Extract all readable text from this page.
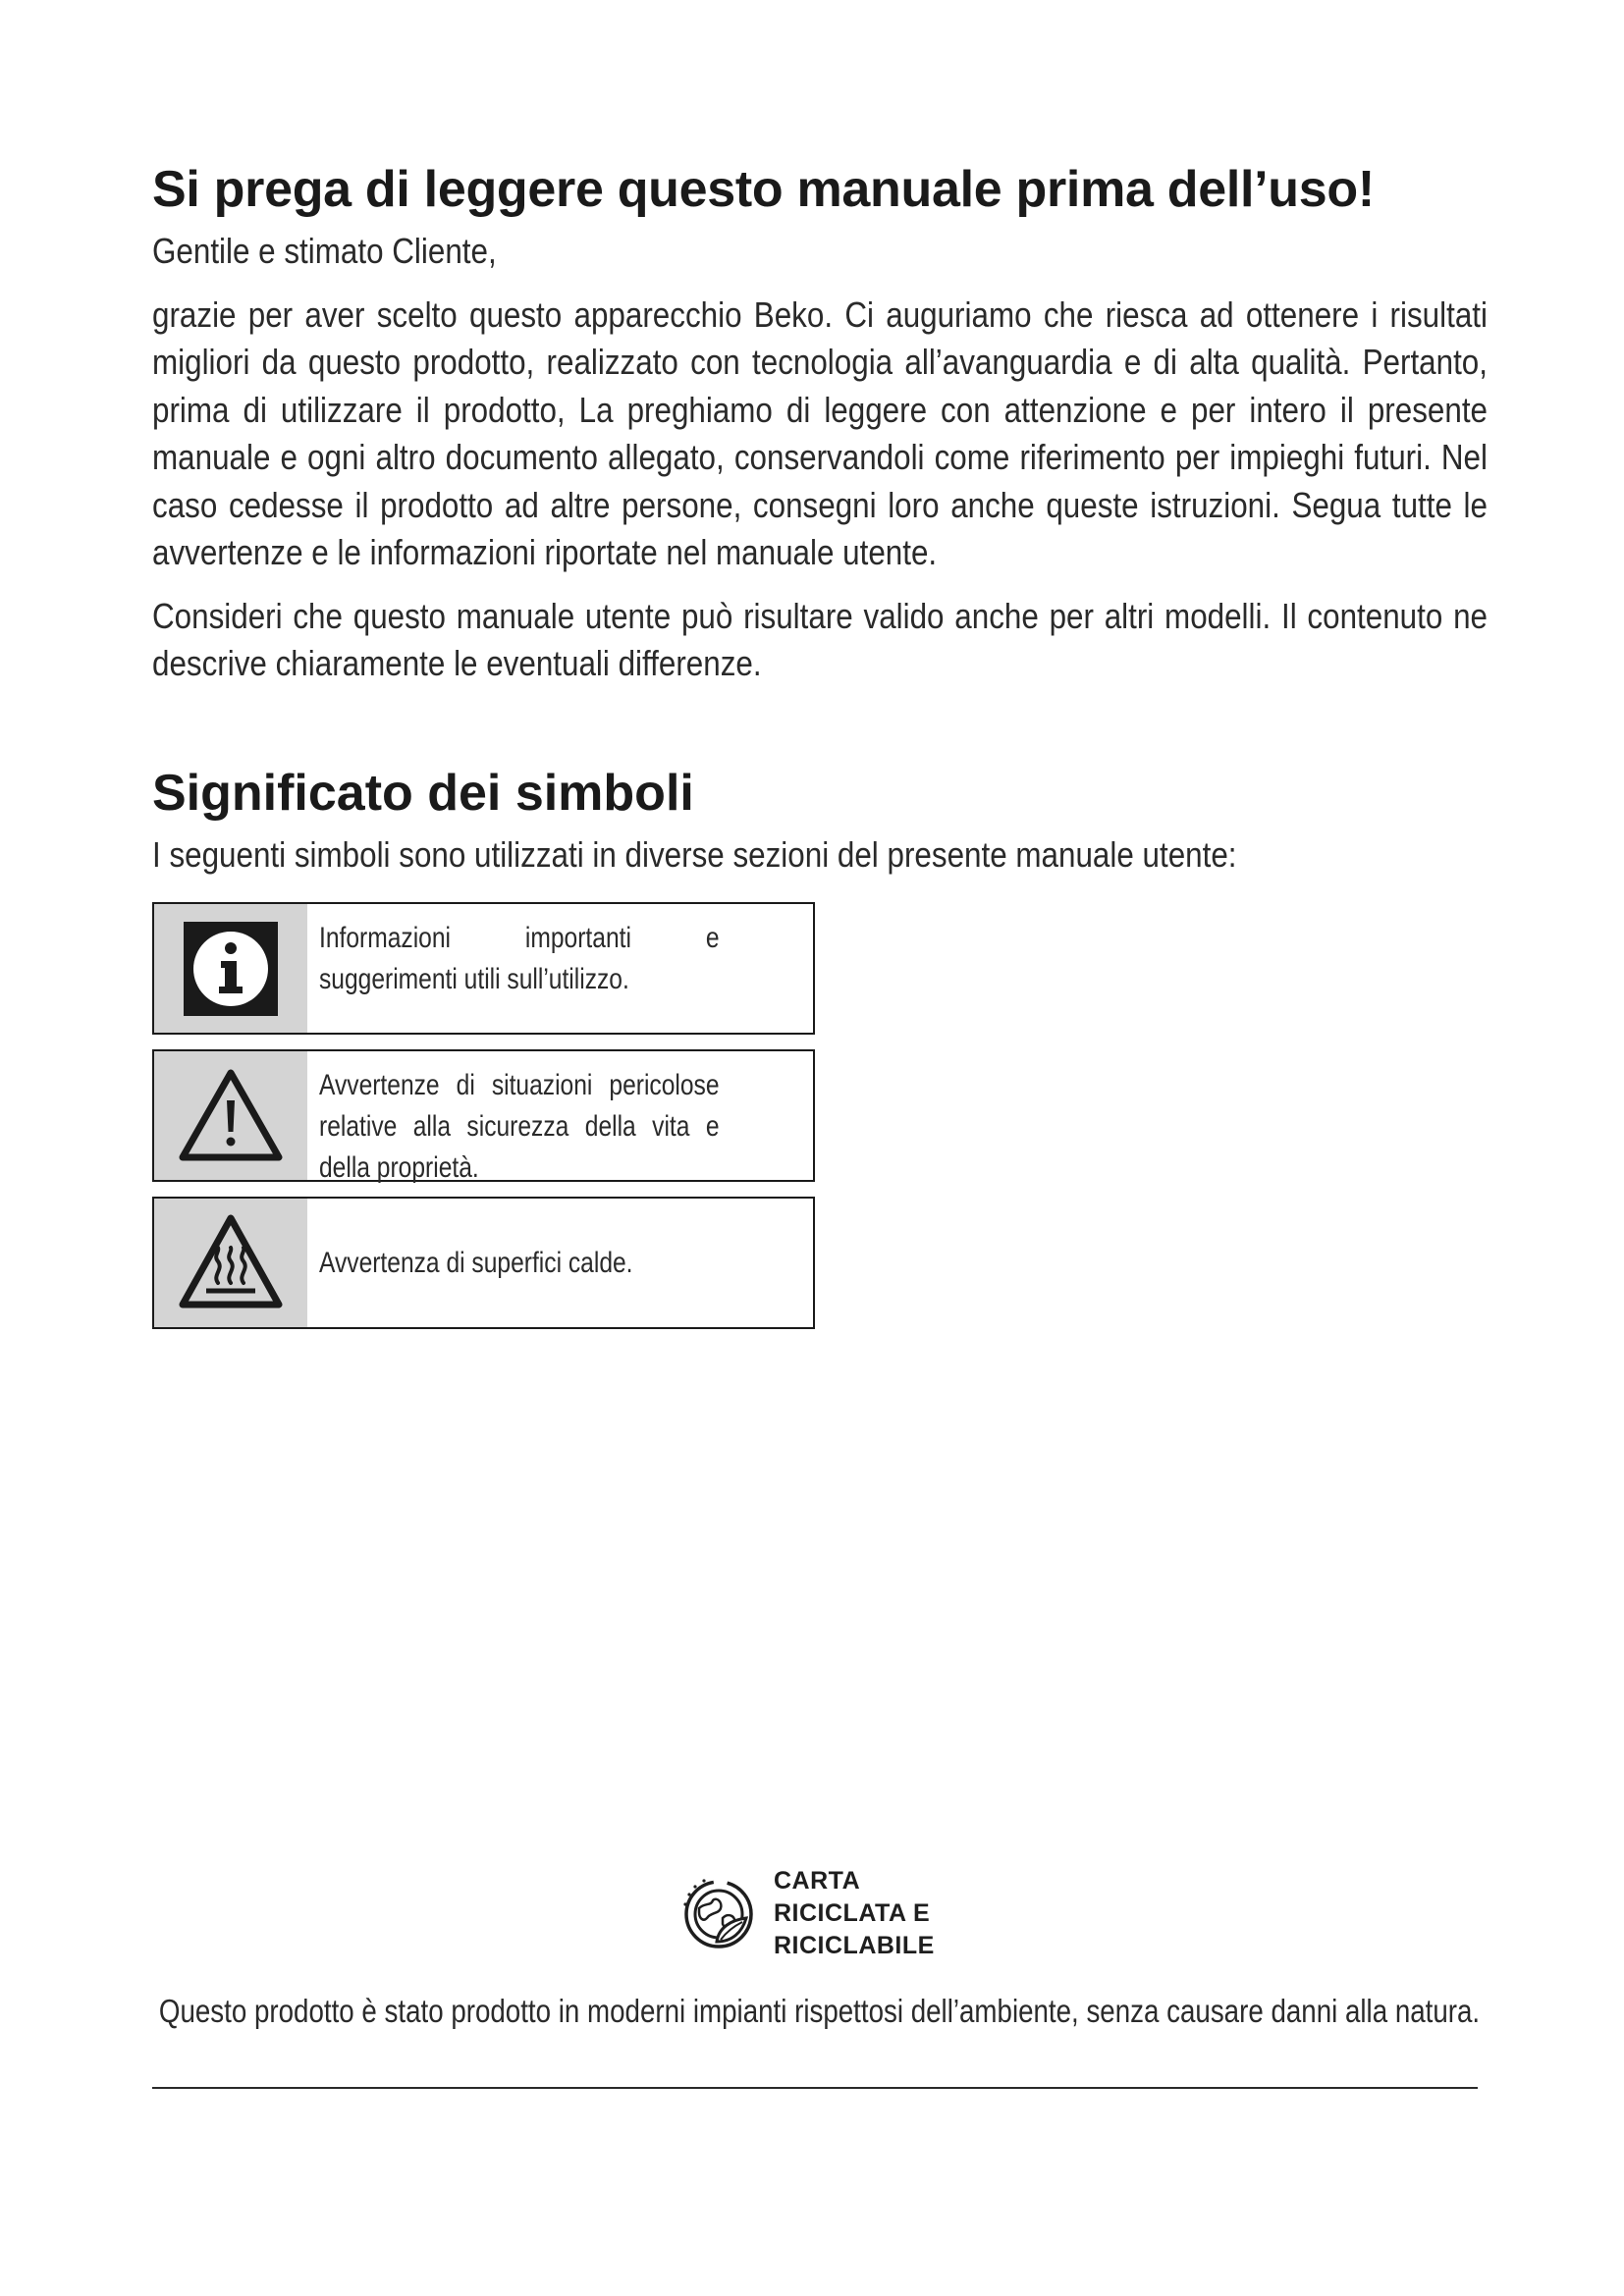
Si prega di leggere questo manuale prima dell’uso!

Gentile e stimato Cliente,

grazie per aver scelto questo apparecchio Beko. Ci auguriamo che riesca ad ottenere i risultati migliori da questo prodotto, realizzato con tecnologia all’avanguardia e di alta qualità. Pertanto, prima di utilizzare il prodotto, La preghiamo di leggere con attenzione e per intero il presente manuale e ogni altro documento allegato, conservandoli come riferimento per impieghi futuri. Nel caso cedesse il prodotto ad altre persone, consegni loro anche queste istruzioni. Segua tutte le avvertenze e le informazioni riportate nel manuale utente.

Consideri che questo manuale utente può risultare valido anche per altri modelli. Il contenuto ne descrive chiaramente le eventuali differenze.

Significato dei simboli

I seguenti simboli sono utilizzati in diverse sezioni del presente manuale utente:

Informazioni importanti e suggerimenti utili sull’utilizzo.
Avvertenze di situazioni pericolose relative alla sicurezza della vita e della proprietà.
Avvertenza di superfici calde.
CARTA
RICICLATA E
RICICLABILE
Questo prodotto è stato prodotto in moderni impianti rispettosi dell’ambiente, senza causare danni alla natura.
